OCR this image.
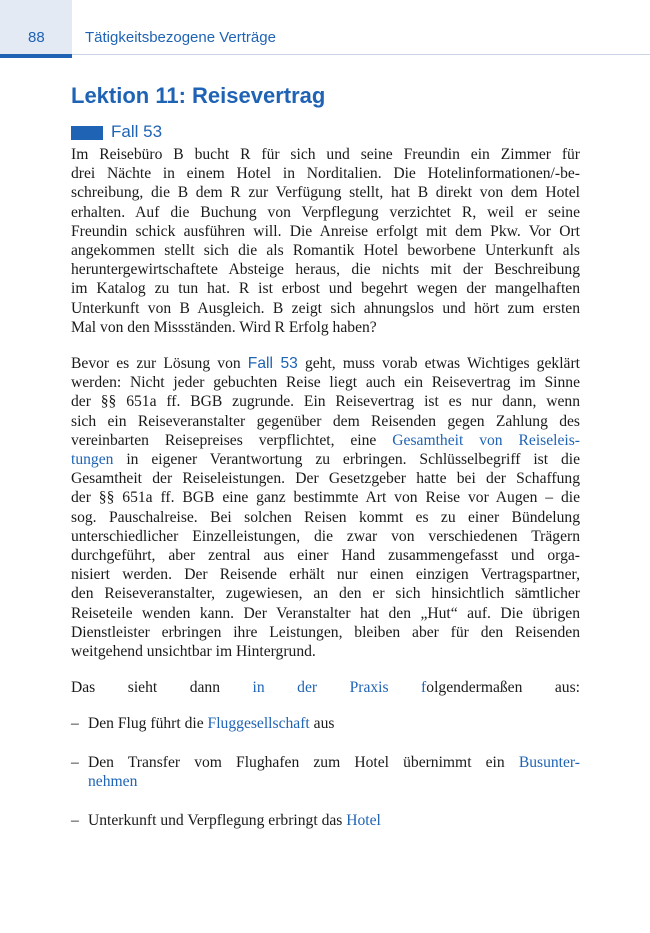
88	Tätigkeitsbezogene Verträge
Lektion 11: Reisevertrag
Fall 53
Im Reisebüro B bucht R für sich und seine Freundin ein Zimmer für
drei Nächte in einem Hotel in Norditalien. Die Hotelinformationen/-be-
schreibung, die B dem R zur Verfügung stellt, hat B direkt von dem Hotel
erhalten. Auf die Buchung von Verpflegung verzichtet R, weil er seine
Freundin schick ausführen will. Die Anreise erfolgt mit dem Pkw. Vor Ort
angekommen stellt sich die als Romantik Hotel beworbene Unterkunft als
heruntergewirtschaftete Absteige heraus, die nichts mit der Beschreibung
im Katalog zu tun hat. R ist erbost und begehrt wegen der mangelhaften
Unterkunft von B Ausgleich. B zeigt sich ahnungslos und hört zum ersten
Mal von den Missständen. Wird R Erfolg haben?
Bevor es zur Lösung von Fall 53 geht, muss vorab etwas Wichtiges geklärt
werden: Nicht jeder gebuchten Reise liegt auch ein Reisevertrag im Sinne
der §§ 651a ff. BGB zugrunde. Ein Reisevertrag ist es nur dann, wenn
sich ein Reiseveranstalter gegenüber dem Reisenden gegen Zahlung des
vereinbarten Reisepreises verpflichtet, eine Gesamtheit von Reiseleis-
tungen in eigener Verantwortung zu erbringen. Schlüsselbegriff ist die
Gesamtheit der Reiseleistungen. Der Gesetzgeber hatte bei der Schaffung
der §§ 651a ff. BGB eine ganz bestimmte Art von Reise vor Augen – die
sog. Pauschalreise. Bei solchen Reisen kommt es zu einer Bündelung
unterschiedlicher Einzelleistungen, die zwar von verschiedenen Trägern
durchgeführt, aber zentral aus einer Hand zusammengefasst und orga-
nisiert werden. Der Reisende erhält nur einen einzigen Vertragspartner,
den Reiseveranstalter, zugewiesen, an den er sich hinsichtlich sämtlicher
Reiseteile wenden kann. Der Veranstalter hat den „Hut“ auf. Die übrigen
Dienstleister erbringen ihre Leistungen, bleiben aber für den Reisenden
weitgehend unsichtbar im Hintergrund.
Das sieht dann in der Praxis folgendermaßen aus:
– Den Flug führt die Fluggesellschaft aus
– Den Transfer vom Flughafen zum Hotel übernimmt ein Busunter-
nehmen
– Unterkunft und Verpflegung erbringt das Hotel
